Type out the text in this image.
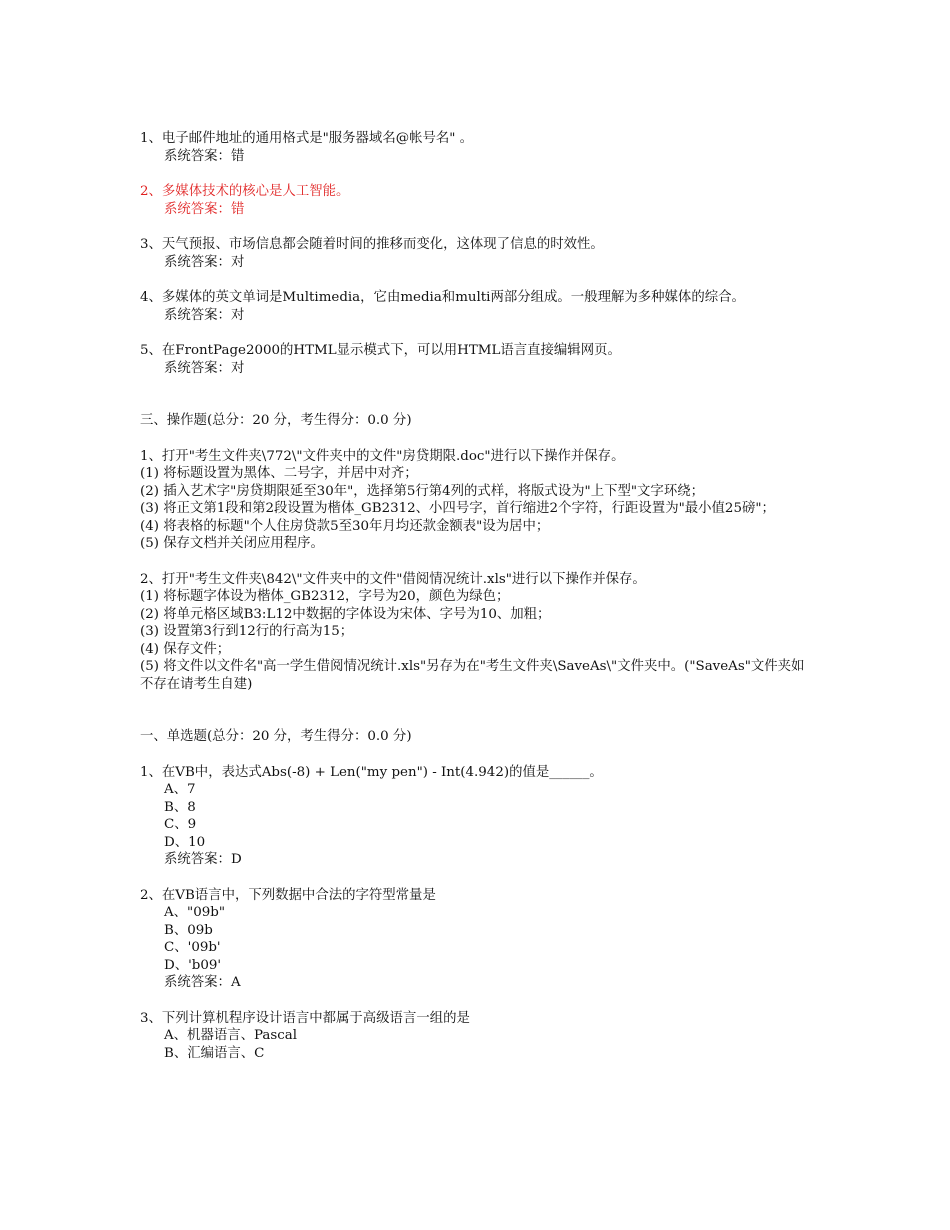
1、电子邮件地址的通用格式是"服务器域名@帐号名" 。
系统答案：错
2、多媒体技术的核心是人工智能。
系统答案：错
3、天气预报、市场信息都会随着时间的推移而变化，这体现了信息的时效性。
系统答案：对
4、多媒体的英文单词是Multimedia，它由media和multi两部分组成。一般理解为多种媒体的综合。
系统答案：对
5、在FrontPage2000的HTML显示模式下，可以用HTML语言直接编辑网页。
系统答案：对
三、操作题(总分：20 分，考生得分：0.0 分)
1、打开"考生文件夹\772\"文件夹中的文件"房贷期限.doc"进行以下操作并保存。
(1) 将标题设置为黑体、二号字，并居中对齐；
(2) 插入艺术字"房贷期限延至30年"，选择第5行第4列的式样，将版式设为"上下型"文字环绕；
(3) 将正文第1段和第2段设置为楷体_GB2312、小四号字，首行缩进2个字符，行距设置为"最小值25磅"；
(4) 将表格的标题"个人住房贷款5至30年月均还款金额表"设为居中；
(5) 保存文档并关闭应用程序。
2、打开"考生文件夹\842\"文件夹中的文件"借阅情况统计.xls"进行以下操作并保存。
(1) 将标题字体设为楷体_GB2312，字号为20，颜色为绿色；
(2) 将单元格区域B3:L12中数据的字体设为宋体、字号为10、加粗；
(3) 设置第3行到12行的行高为15；
(4) 保存文件；
(5) 将文件以文件名"高一学生借阅情况统计.xls"另存为在"考生文件夹\SaveAs\"文件夹中。("SaveAs"文件夹如不存在请考生自建)
一、单选题(总分：20 分，考生得分：0.0 分)
1、在VB中，表达式Abs(-8) + Len("my pen") - Int(4.942)的值是______。
A、7
B、8
C、9
D、10
系统答案：D
2、在VB语言中，下列数据中合法的字符型常量是
A、"09b"
B、09b
C、'09b'
D、'b09'
系统答案：A
3、下列计算机程序设计语言中都属于高级语言一组的是
A、机器语言、Pascal
B、汇编语言、C
